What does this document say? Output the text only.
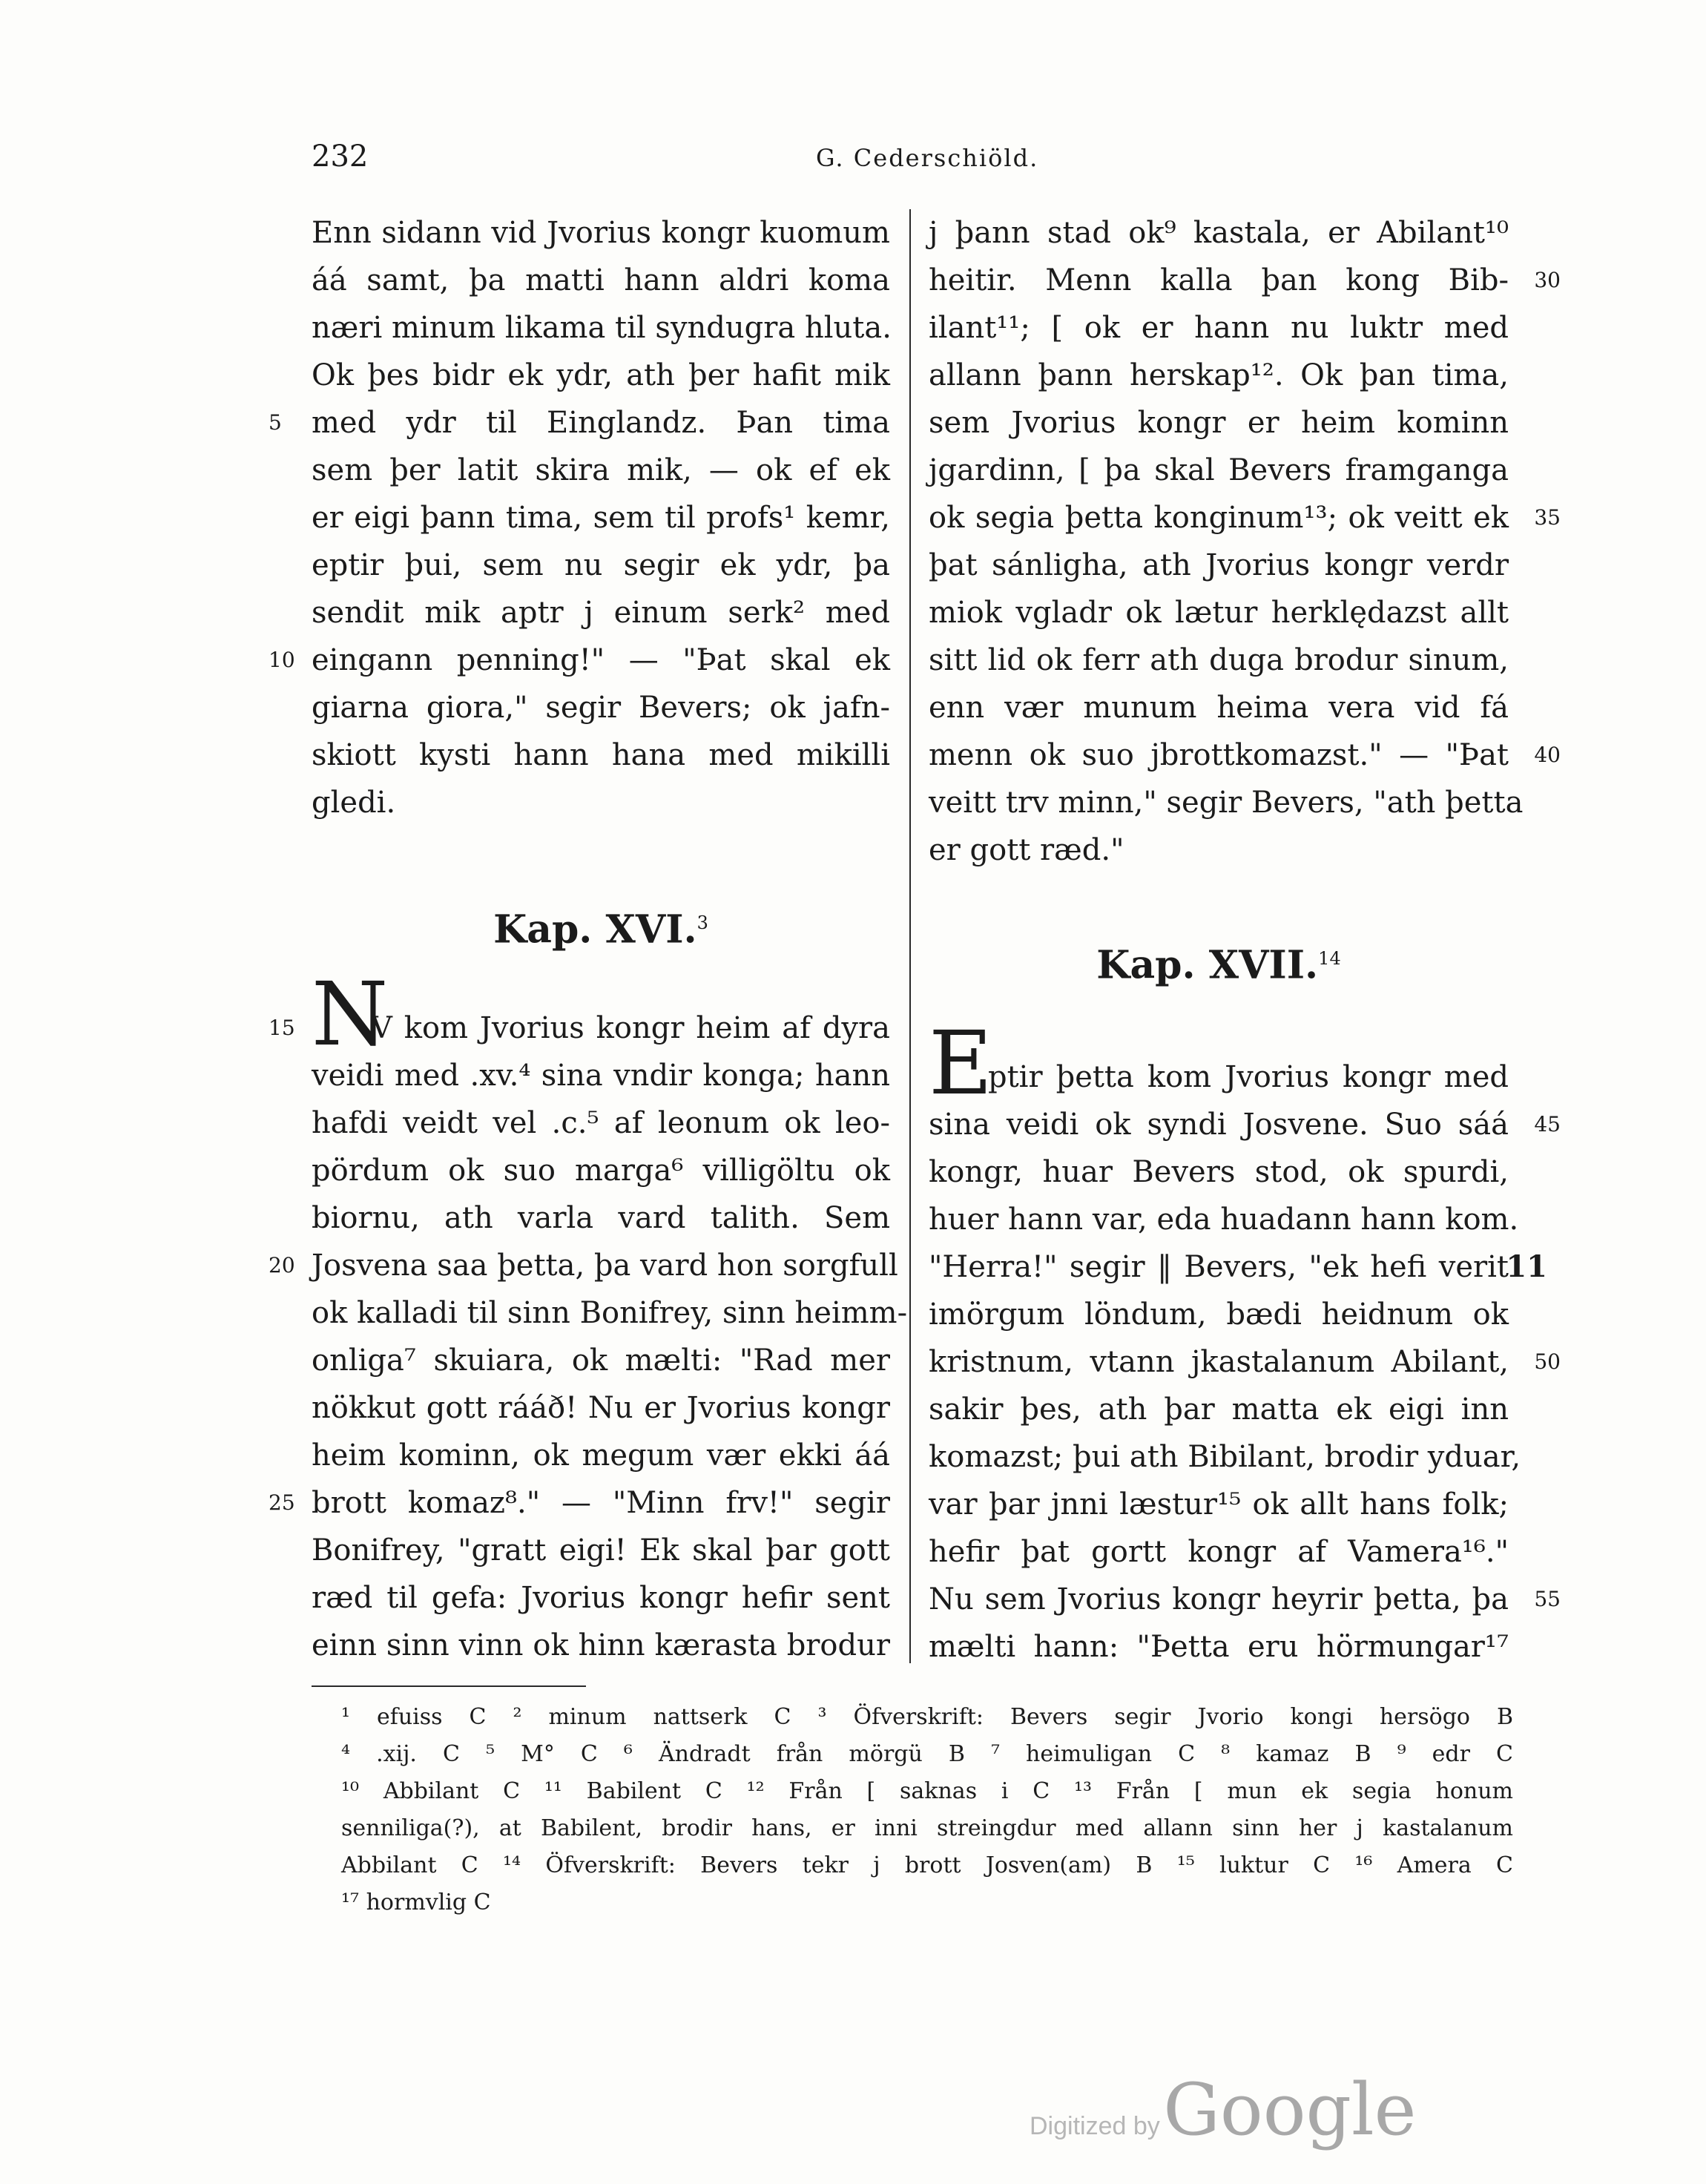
232	G. Cederschiöld.
Enn sidann vid Jvorius kongr kuomum
áá samt, þa matti hann aldri koma
næri minum likama til syndugra hluta.
Ok þes bidr ek ydr, ath þer hafit mik
5 med ydr til Einglandz. Þan tima
sem þer latit skira mik, — ok ef ek
er eigi þann tima, sem til profs¹ kemr,
eptir þui, sem nu segir ek ydr, þa
sendit mik aptr j einum serk² med
10 eingann penning!" — "Þat skal ek
giarna giora," segir Bevers; ok jafn-
skiott kysti hann hana med mikilli
gledi.
Kap. XVI.$^3$
15 N
V kom Jvorius kongr heim af dyra
veidi med .xv.⁴ sina vndir konga; hann
hafdi veidt vel .c.⁵ af leonum ok leo-
pördum ok suo marga⁶ villigöltu ok
biornu, ath varla vard talith. Sem
20 Josvena saa þetta, þa vard hon sorgfull
ok kalladi til sinn Bonifrey, sinn heimm-
onliga⁷ skuiara, ok mælti: "Rad mer
nökkut gott rááð! Nu er Jvorius kongr
heim kominn, ok megum vær ekki áá
25 brott komaz⁸." — "Minn frv!" segir
Bonifrey, "gratt eigi! Ek skal þar gott
ræd til gefa: Jvorius kongr hefir sent
einn sinn vinn ok hinn kærasta brodur
j þann stad ok⁹ kastala, er Abilant¹⁰
30
heitir. Menn kalla þan kong Bib-
ilant¹¹; [ ok er hann nu luktr med
allann þann herskap¹². Ok þan tima,
sem Jvorius kongr er heim kominn
jgardinn, [ þa skal Bevers framganga
35
ok segia þetta konginum¹³; ok veitt ek
þat sánligha, ath Jvorius kongr verdr
miok vgladr ok lætur herklędazst allt
sitt lid ok ferr ath duga brodur sinum,
enn vær munum heima vera vid fá
40
menn ok suo jbrottkomazst." — "Þat
veitt trv minn," segir Bevers, "ath þetta
er gott ræd."
Kap. XVII.$^{14}$
E
ptir þetta kom Jvorius kongr med
45
sina veidi ok syndi Josvene. Suo sáá
kongr, huar Bevers stod, ok spurdi,
huer hann var, eda huadann hann kom.
11
"Herra!" segir ‖ Bevers, "ek hefi verit
imörgum löndum, bædi heidnum ok
50
kristnum, vtann jkastalanum Abilant,
sakir þes, ath þar matta ek eigi inn
komazst; þui ath Bibilant, brodir yduar,
var þar jnni læstur¹⁵ ok allt hans folk;
hefir þat gortt kongr af Vamera¹⁶."
55
Nu sem Jvorius kongr heyrir þetta, þa
mælti hann: "Þetta eru hörmungar¹⁷
¹ efuiss C ² minum nattserk C ³ Öfverskrift: Bevers segir Jvorio kongi hersögo B
⁴ .xij. C ⁵ M° C ⁶ Ändradt från mörgü B ⁷ heimuligan C ⁸ kamaz B ⁹ edr C
¹⁰ Abbilant C ¹¹ Babilent C ¹² Från [ saknas i C ¹³ Från [ mun ek segia honum
senniliga(?), at Babilent, brodir hans, er inni streingdur med allann sinn her j kastalanum
Abbilant C ¹⁴ Öfverskrift: Bevers tekr j brott Josven(am) B ¹⁵ luktur C ¹⁶ Amera C
¹⁷ hormvlig C
Digitized by Google
